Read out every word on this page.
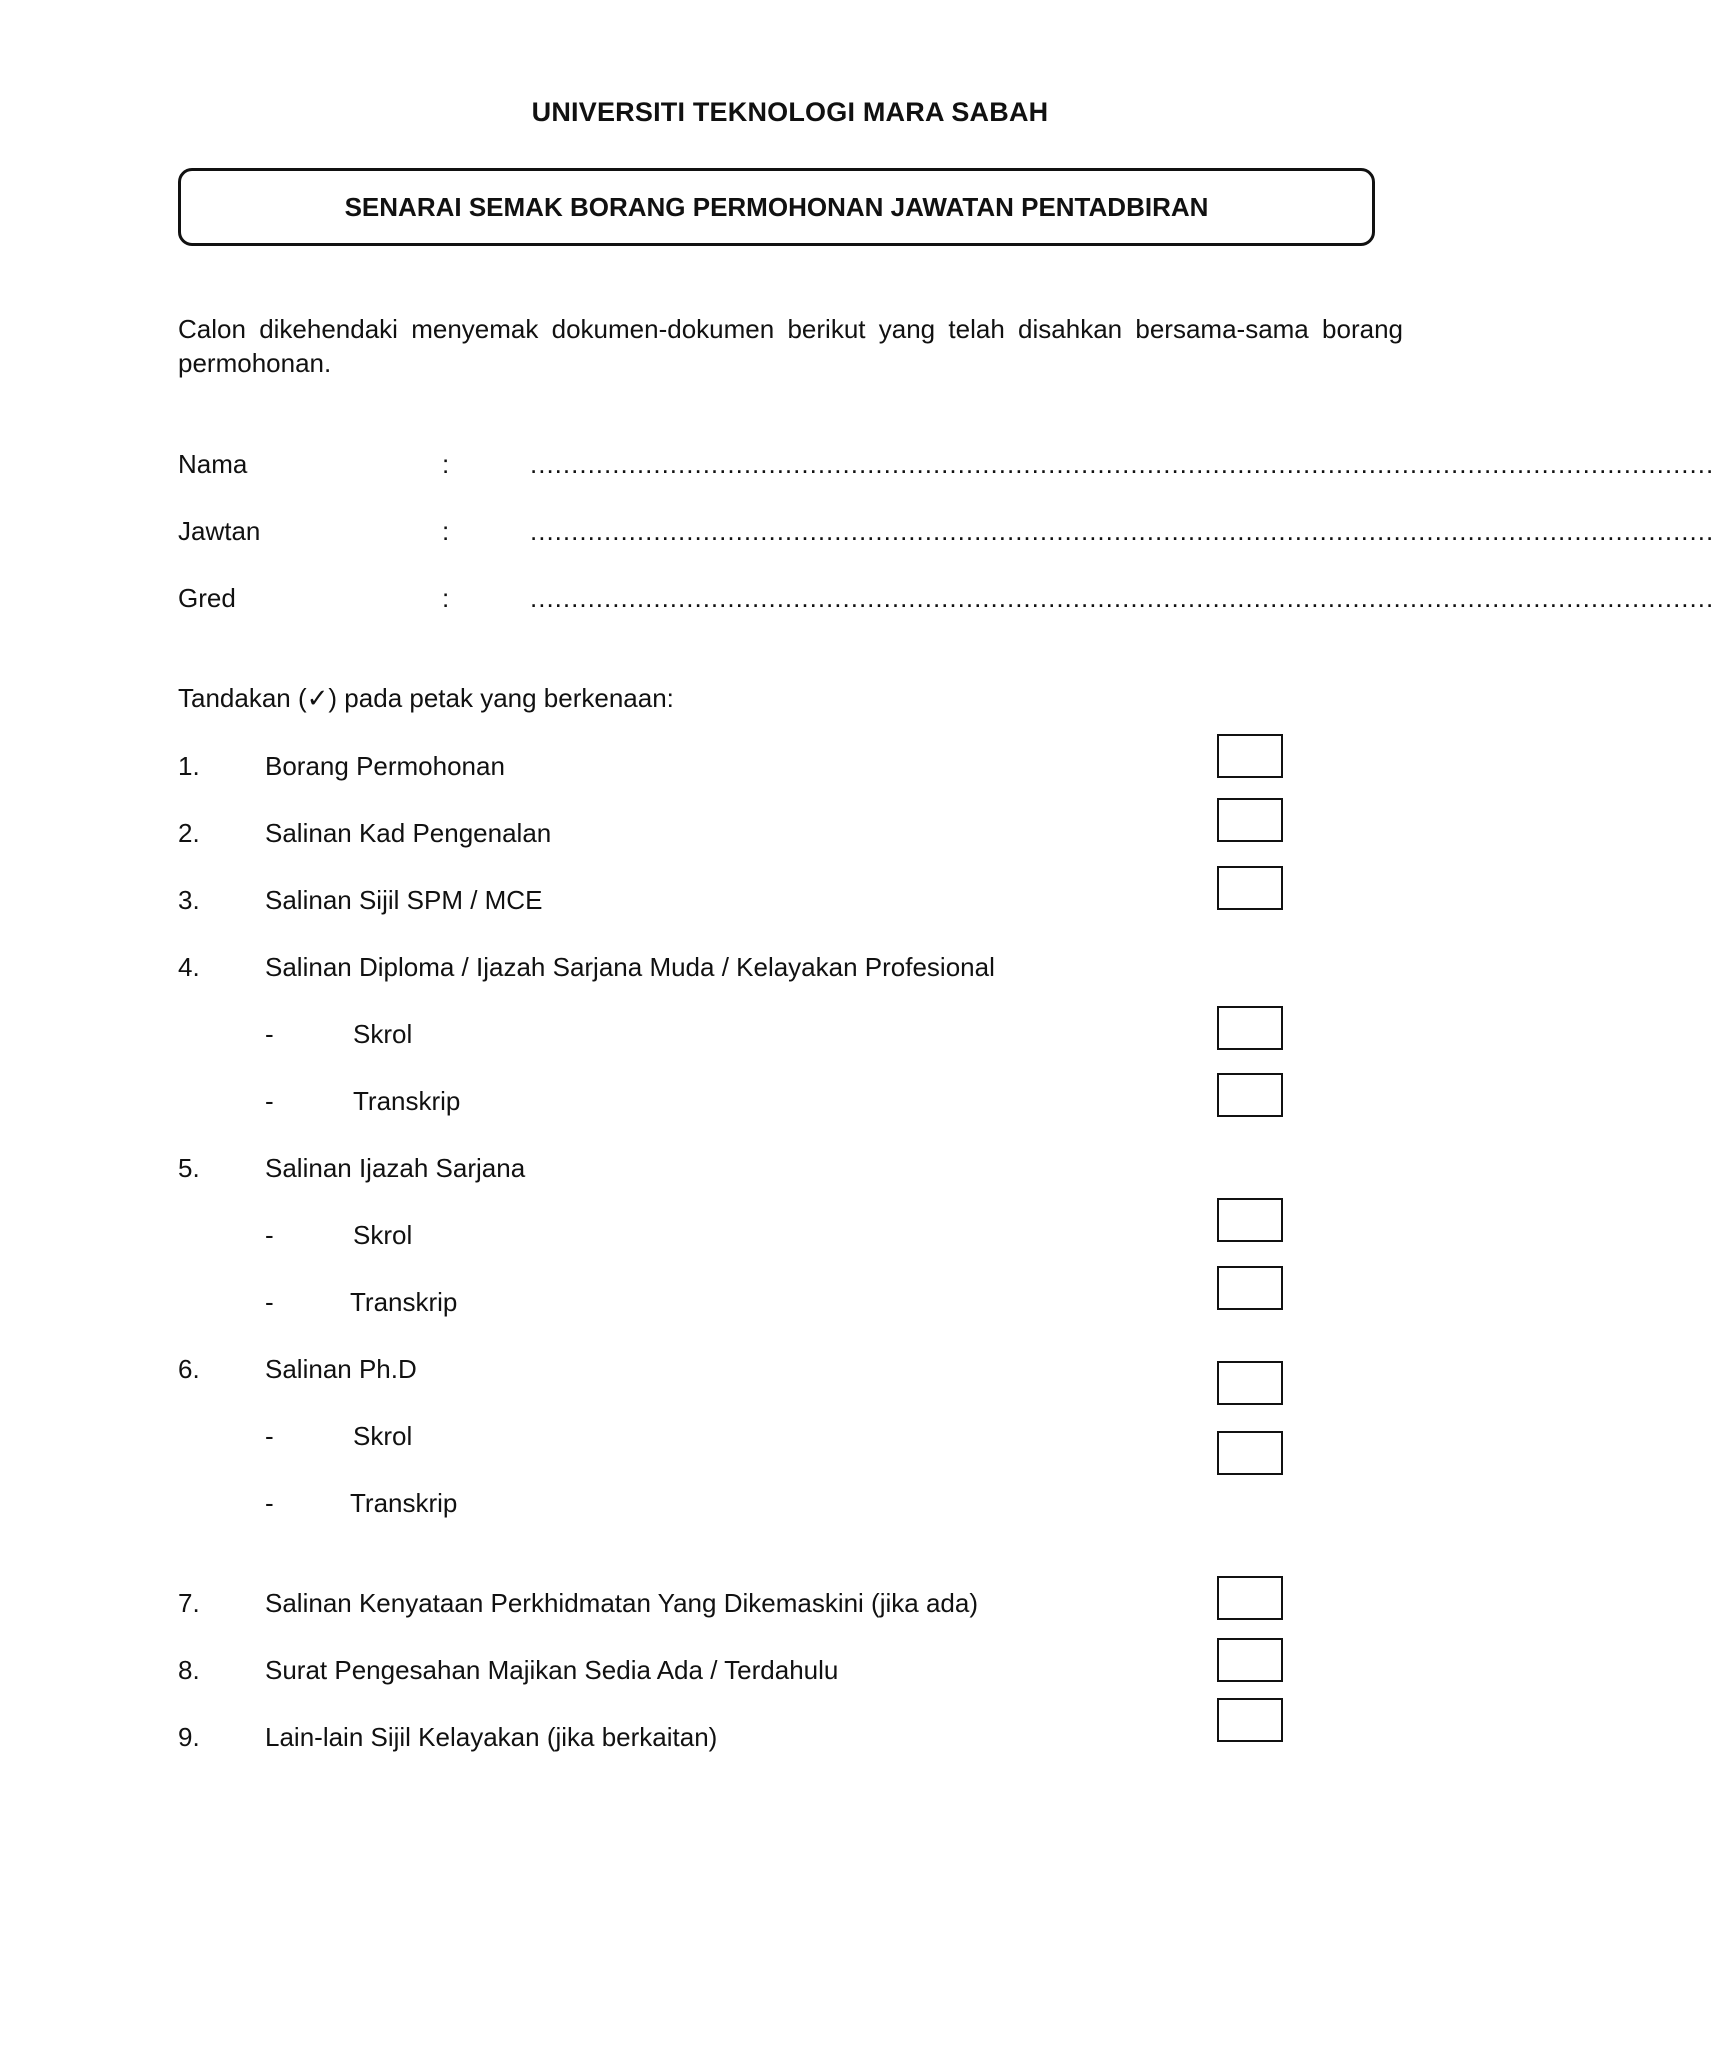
UNIVERSITI TEKNOLOGI MARA SABAH
SENARAI SEMAK BORANG PERMOHONAN JAWATAN PENTADBIRAN
Calon dikehendaki menyemak dokumen-dokumen berikut yang telah disahkan bersama-sama borang permohonan.
Nama	:	................................................................................................................................................
Jawtan	:	................................................................................................................................................
Gred	:	................................................................................................................................................
Tandakan (✓) pada petak yang berkenaan:
1.	Borang Permohonan
2.	Salinan Kad Pengenalan
3.	Salinan Sijil SPM / MCE
4.	Salinan Diploma / Ijazah Sarjana Muda / Kelayakan Profesional
-	Skrol
-	Transkrip
5.	Salinan Ijazah Sarjana
-	Skrol
-	Transkrip
6.	Salinan Ph.D
-	Skrol
-	Transkrip
7.	Salinan Kenyataan Perkhidmatan Yang Dikemaskini (jika ada)
8.	Surat Pengesahan Majikan Sedia Ada / Terdahulu
9.	Lain-lain Sijil Kelayakan (jika berkaitan)
